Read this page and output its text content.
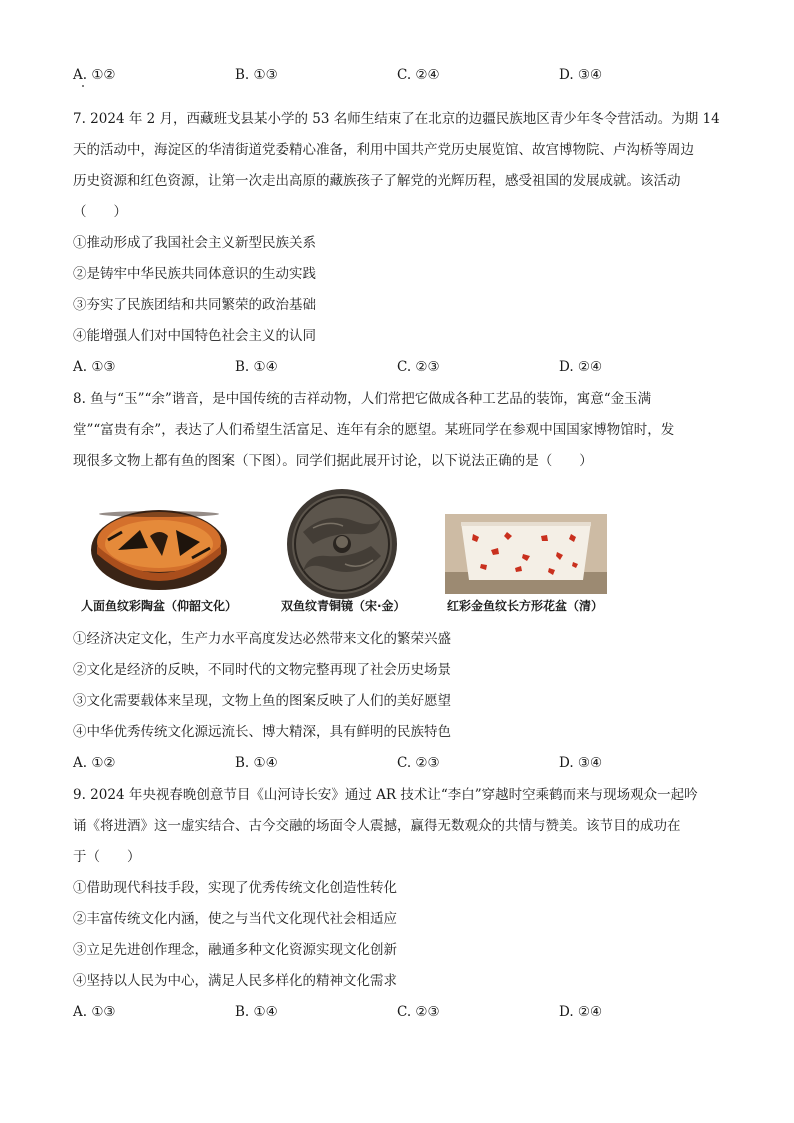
A. ①②	B. ①③	C. ②④	D. ③④
7. 2024 年 2 月，西藏班戈县某小学的 53 名师生结束了在北京的边疆民族地区青少年冬令营活动。为期 14
天的活动中，海淀区的华清街道党委精心准备，利用中国共产党历史展览馆、故宫博物院、卢沟桥等周边
历史资源和红色资源，让第一次走出高原的藏族孩子了解党的光辉历程，感受祖国的发展成就。该活动
（　　）
①推动形成了我国社会主义新型民族关系
②是铸牢中华民族共同体意识的生动实践
③夯实了民族团结和共同繁荣的政治基础
④能增强人们对中国特色社会主义的认同
A. ①③	B. ①④	C. ②③	D. ②④
8. 鱼与“玉”“余”谐音，是中国传统的吉祥动物，人们常把它做成各种工艺品的装饰，寓意“金玉满
堂”“富贵有余”，表达了人们希望生活富足、连年有余的愿望。某班同学在参观中国国家博物馆时，发
现很多文物上都有鱼的图案（下图）。同学们据此展开讨论，以下说法正确的是（　　）
人面鱼纹彩陶盆（仰韶文化）	双鱼纹青铜镜（宋·金）	红彩金鱼纹长方形花盆（清）
①经济决定文化，生产力水平高度发达必然带来文化的繁荣兴盛
②文化是经济的反映，不同时代的文物完整再现了社会历史场景
③文化需要载体来呈现，文物上鱼的图案反映了人们的美好愿望
④中华优秀传统文化源远流长、博大精深，具有鲜明的民族特色
A. ①②	B. ①④	C. ②③	D. ③④
9. 2024 年央视春晚创意节目《山河诗长安》通过 AR 技术让“李白”穿越时空乘鹤而来与现场观众一起吟
诵《将进酒》这一虚实结合、古今交融的场面令人震撼，赢得无数观众的共情与赞美。该节目的成功在
于（　　）
①借助现代科技手段，实现了优秀传统文化创造性转化
②丰富传统文化内涵，使之与当代文化现代社会相适应
③立足先进创作理念，融通多种文化资源实现文化创新
④坚持以人民为中心，满足人民多样化的精神文化需求
A. ①③	B. ①④	C. ②③	D. ②④
